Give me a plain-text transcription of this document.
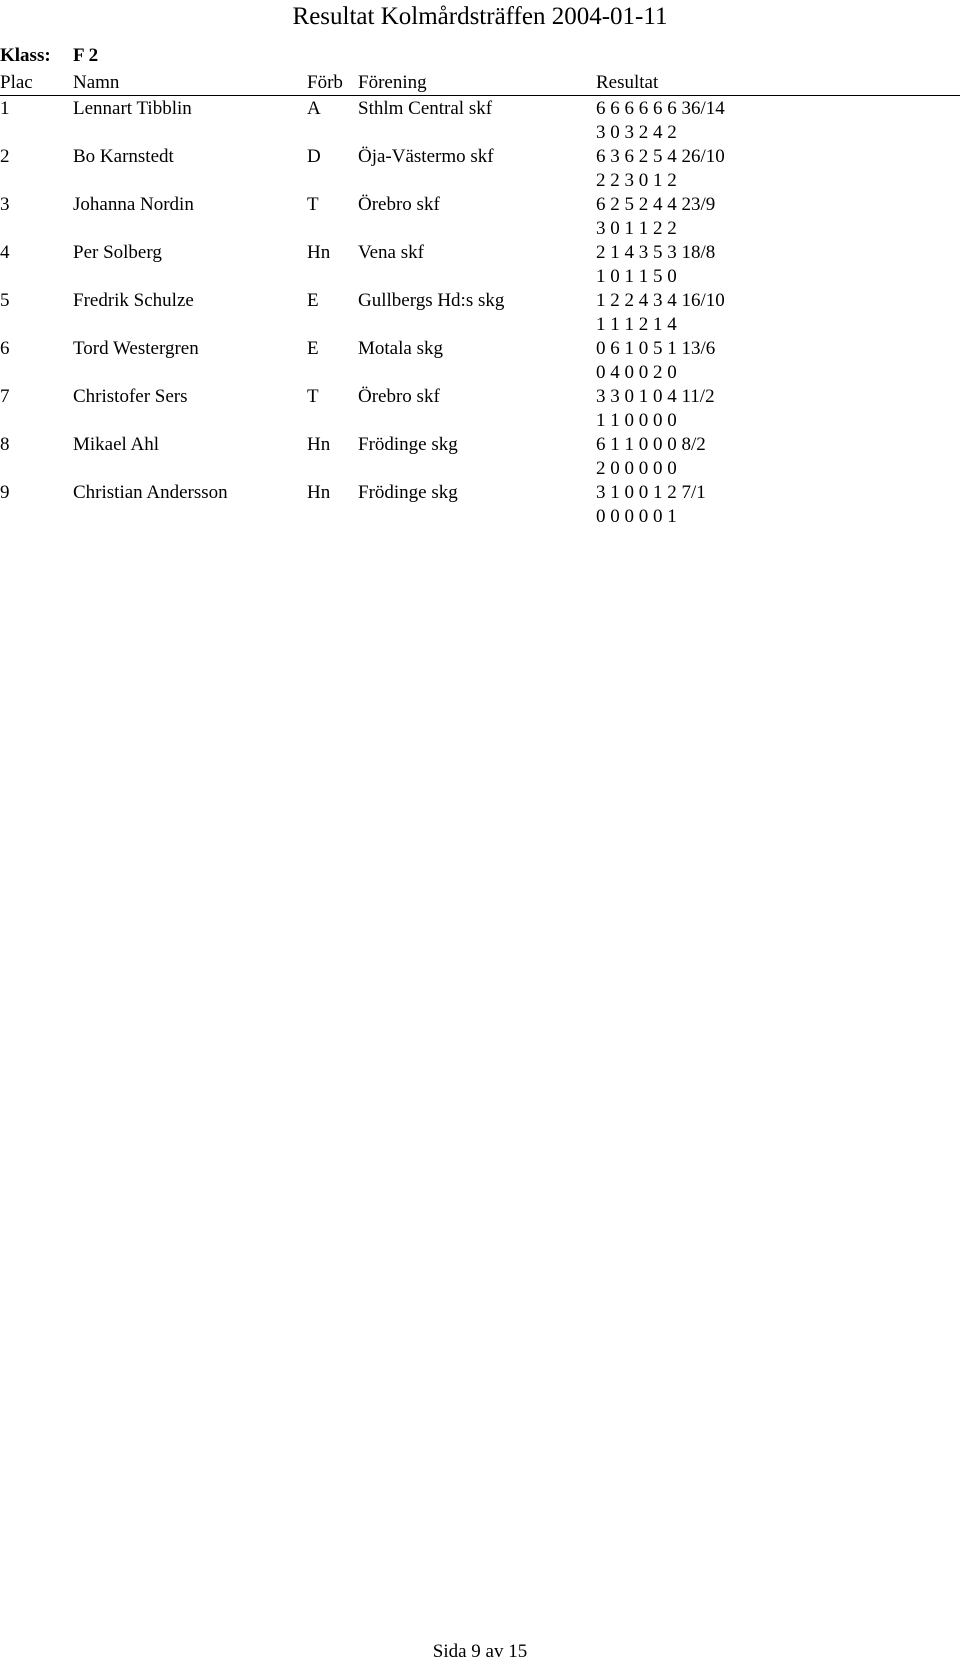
Resultat Kolmårdsträffen 2004-01-11
Klass: F 2
Plac Namn	Förb Förening	Resultat
1	Lennart Tibblin	A Sthlm Central skf	6 6 6 6 6 6 36/14
3 0 3 2 4 2
2	Bo Karnstedt	D Öja-Västermo skf	6 3 6 2 5 4 26/10
2 2 3 0 1 2
3	Johanna Nordin	T Örebro skf	6 2 5 2 4 4 23/9
3 0 1 1 2 2
4	Per Solberg	Hn Vena skf	2 1 4 3 5 3 18/8
1 0 1 1 5 0
5	Fredrik Schulze	E Gullbergs Hd:s skg	1 2 2 4 3 4 16/10
1 1 1 2 1 4
6	Tord Westergren	E Motala skg	0 6 1 0 5 1 13/6
0 4 0 0 2 0
7	Christofer Sers	T Örebro skf	3 3 0 1 0 4 11/2
1 1 0 0 0 0
8	Mikael Ahl	Hn Frödinge skg	6 1 1 0 0 0 8/2
2 0 0 0 0 0
9	Christian Andersson	Hn Frödinge skg	3 1 0 0 1 2 7/1
0 0 0 0 0 1
Sida 9 av 15
